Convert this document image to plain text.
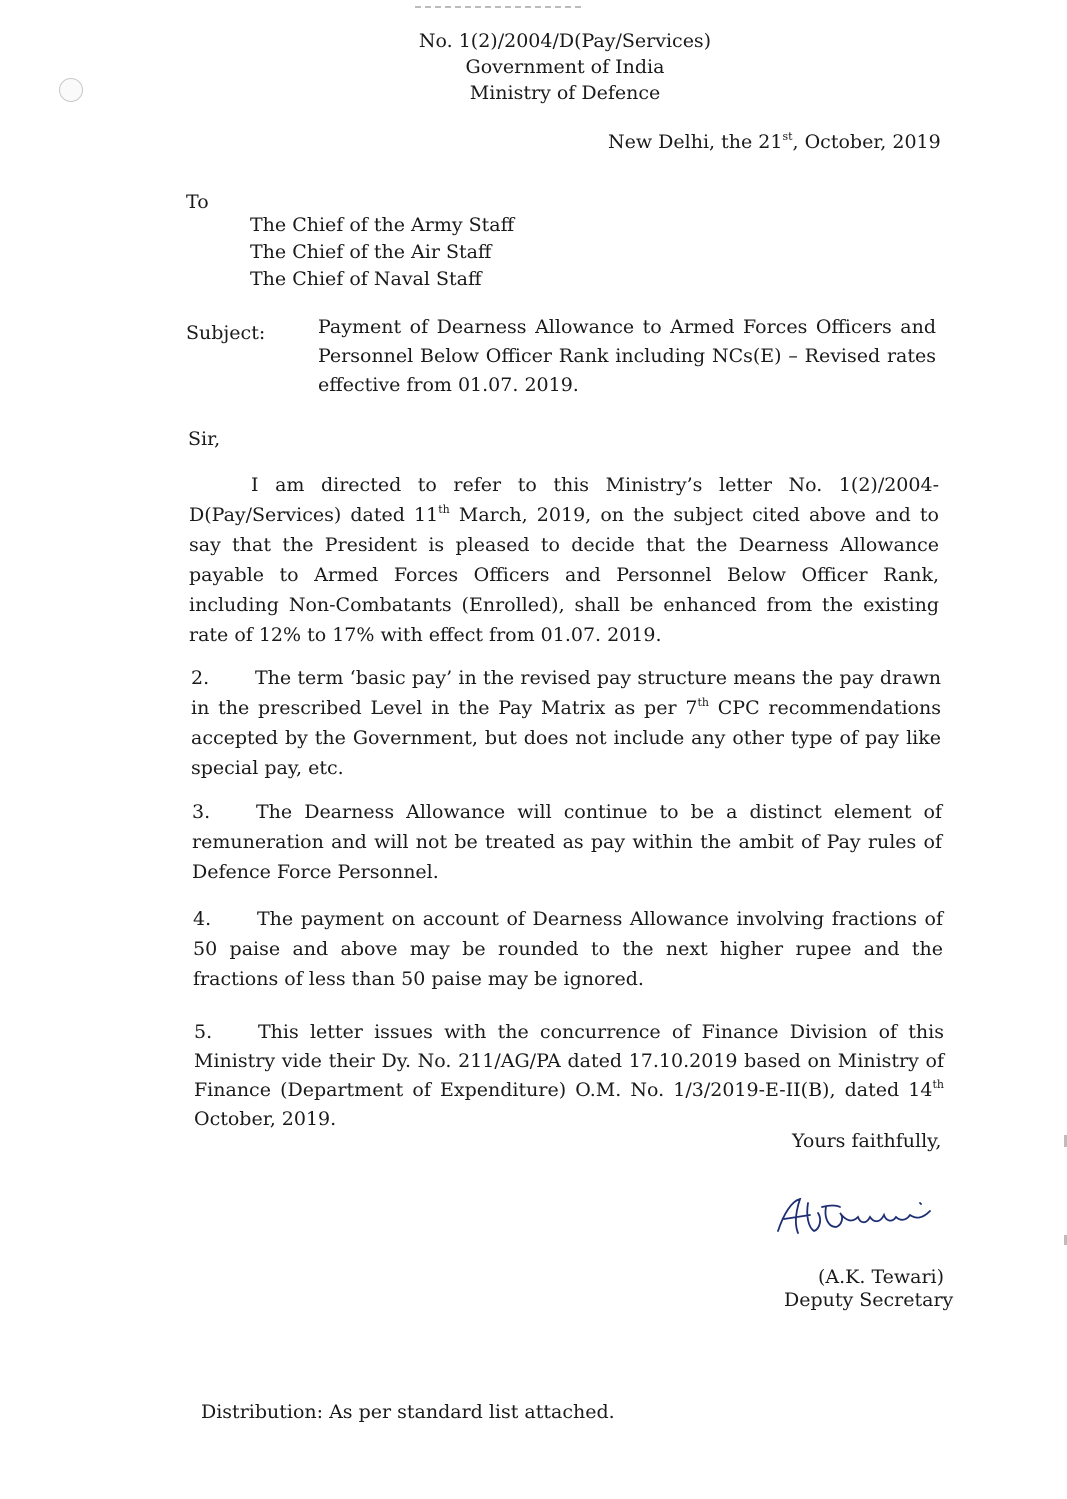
No. 1(2)/2004/D(Pay/Services)
Government of India
Ministry of Defence
New Delhi, the 21st, October, 2019
To
The Chief of the Army Staff
The Chief of the Air Staff
The Chief of Naval Staff
Subject:	Payment of Dearness Allowance to Armed Forces Officers and Personnel Below Officer Rank including NCs(E) – Revised rates effective from 01.07. 2019.
Sir,
I am directed to refer to this Ministry’s letter No. 1(2)/2004-D(Pay/Services) dated 11th March, 2019, on the subject cited above and to say that the President is pleased to decide that the Dearness Allowance payable to Armed Forces Officers and Personnel Below Officer Rank, including Non-Combatants (Enrolled), shall be enhanced from the existing rate of 12% to 17% with effect from 01.07. 2019.
2. The term ‘basic pay’ in the revised pay structure means the pay drawn in the prescribed Level in the Pay Matrix as per 7th CPC recommendations accepted by the Government, but does not include any other type of pay like special pay, etc.
3. The Dearness Allowance will continue to be a distinct element of remuneration and will not be treated as pay within the ambit of Pay rules of Defence Force Personnel.
4. The payment on account of Dearness Allowance involving fractions of 50 paise and above may be rounded to the next higher rupee and the fractions of less than 50 paise may be ignored.
5. This letter issues with the concurrence of Finance Division of this Ministry vide their Dy. No. 211/AG/PA dated 17.10.2019 based on Ministry of Finance (Department of Expenditure) O.M. No. 1/3/2019-E-II(B), dated 14th October, 2019.
Yours faithfully,
(A.K. Tewari)
Deputy Secretary
Distribution: As per standard list attached.
